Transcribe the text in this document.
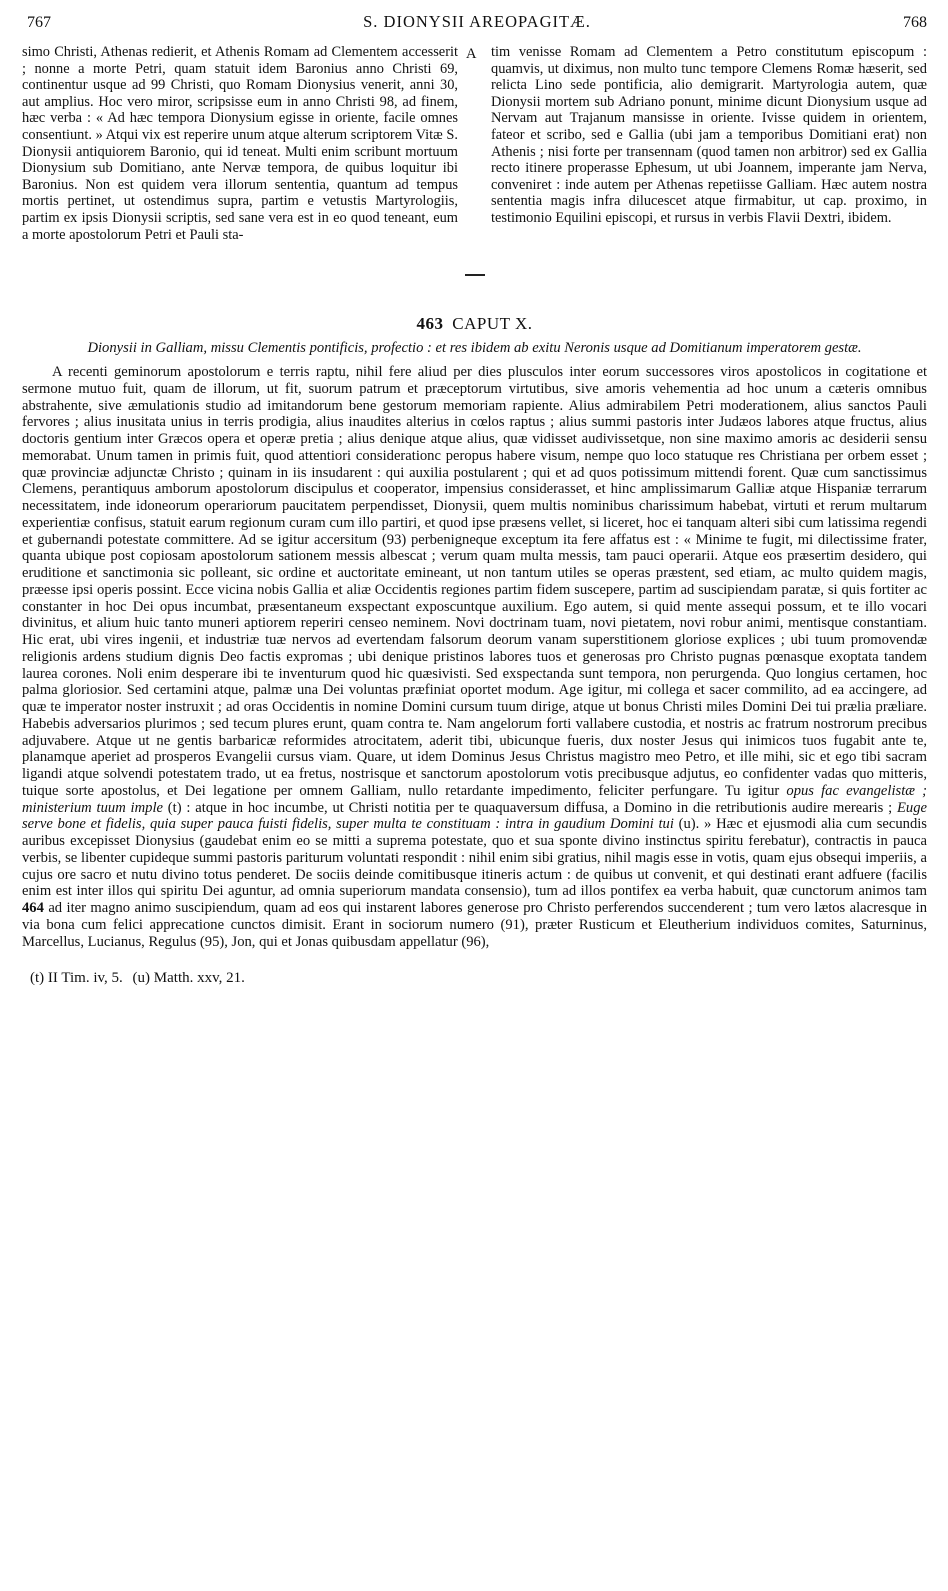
767	S. DIONYSII AREOPAGITÆ.	768
simo Christi, Athenas redierit, et Athenis Romam ad Clementem accesserit ; nonne a morte Petri, quam statuit idem Baronius anno Christi 69, continentur usque ad 99 Christi, quo Romam Dionysius venerit, anni 30, aut amplius. Hoc vero miror, scripsisse eum in anno Christi 98, ad finem, hæc verba : « Ad hæc tempora Dionysium egisse in oriente, facile omnes consentiunt. » Atqui vix est reperire unum atque alterum scriptorem Vitæ S. Dionysii antiquiorem Baronio, qui id teneat. Multi enim scribunt mortuum Dionysium sub Domitiano, ante Nervæ tempora, de quibus loquitur ibi Baronius. Non est quidem vera illorum sententia, quantum ad tempus mortis pertinet, ut ostendimus supra, partim e vetustis Martyrologiis, partim ex ipsis Dionysii scriptis, sed sane vera est in eo quod teneant, eum a morte apostolorum Petri et Pauli sta-
A tim venisse Romam ad Clementem a Petro constitutum episcopum : quamvis, ut diximus, non multo tunc tempore Clemens Romæ hæserit, sed relicta Lino sede pontificia, alio demigrarit. Martyrologia autem, quæ Dionysii mortem sub Adriano ponunt, minime dicunt Dionysium usque ad Nervam aut Trajanum mansisse in oriente. Ivisse quidem in orientem, fateor et scribo, sed e Gallia (ubi jam a temporibus Domitiani erat) non Athenis ; nisi forte per transennam (quod tamen non arbitror) sed ex Gallia recto itinere properasse Ephesum, ut ubi Joannem, imperante jam Nerva, conveniret : inde autem per Athenas repetiisse Galliam. Hæc autem nostra sententia magis infra dilucescet atque firmabitur, ut cap. proximo, in testimonio Equilini episcopi, et rursus in verbis Flavii Dextri, ibidem.
463 CAPUT X.
Dionysii in Galliam, missu Clementis pontificis, profectio : et res ibidem ab exitu Neronis usque ad Domitianum imperatorem gestæ.
A recenti geminorum apostolorum e terris raptu, nihil fere aliud per dies plusculos inter eorum successores viros apostolicos in cogitatione et sermone mutuo fuit, quam de illorum, ut fit, suorum patrum et præceptorum virtutibus, sive amoris vehementia ad hoc unum a cæteris omnibus abstrahente, sive æmulationis studio ad imitandorum bene gestorum memoriam rapiente. Alius admirabilem Petri moderationem, alius sanctos Pauli fervores ; alius inusitata unius in terris prodigia, alius inaudites alterius in cœlos raptus ; alius summi pastoris inter Judæos labores atque fructus, alius doctoris gentium inter Græcos opera et operæ pretia ; alius denique atque alius, quæ vidisset audivissetque, non sine maximo amoris ac desiderii sensu memorabat. Unum tamen in primis fuit, quod attentiori considerationc peropus habere visum, nempe quo loco statuque res Christiana per orbem esset ; quæ provinciæ adjunctæ Christo ; quinam in iis insudarent : qui auxilia postularent ; qui et ad quos potissimum mittendi forent. Quæ cum sanctissimus Clemens, perantiquus amborum apostolorum discipulus et cooperator, impensius considerasset, et hinc amplissimarum Galliæ atque Hispaniæ terrarum necessitatem, inde idoneorum operariorum paucitatem perpendisset, Dionysii, quem multis nominibus charissimum habebat, virtuti et rerum multarum experientiæ confisus, statuit earum regionum curam cum illo partiri, et quod ipse præsens vellet, si liceret, hoc ei tanquam alteri sibi cum latissima regendi et gubernandi potestate committere. Ad se igitur accersitum (93) perbenigneque exceptum ita fere affatus est : « Minime te fugit, mi dilectissime frater, quanta ubique post copiosam apostolorum sationem messis albescat ; verum quam multa messis, tam pauci operarii. Atque eos præsertim desidero, qui eruditione et sanctimonia sic polleant, sic ordine et auctoritate emineant, ut non tantum utiles se operas præstent, sed etiam, ac multo quidem magis, præesse ipsi operis possint. Ecce vicina nobis Gallia et aliæ Occidentis regiones partim fidem suscepere, partim ad suscipiendam paratæ, si quis fortiter ac constanter in hoc Dei opus incumbat, præsentaneum exspectant exposcuntque auxilium. Ego autem, si quid mente assequi possum, et te illo vocari divinitus, et alium huic tanto muneri aptiorem reperiri censeo neminem. Novi doctrinam tuam, novi pietatem, novi robur animi, mentisque constantiam. Hic erat, ubi vires ingenii, et industriæ tuæ nervos ad evertendam falsorum deorum vanam superstitionem gloriose explices ; ubi tuum promovendæ religionis ardens studium dignis Deo factis expromas ; ubi denique pristinos labores tuos et generosas pro Christo pugnas pœnasque exoptata tandem laurea corones. Noli enim desperare ibi te inventurum quod hic quæsivisti. Sed exspectanda sunt tempora, non perurgenda. Quo longius certamen, hoc palma gloriosior. Sed certamini atque, palmæ una Dei voluntas præfiniat oportet modum. Age igitur, mi collega et sacer commilito, ad ea accingere, ad quæ te imperator noster instruxit ; ad oras Occidentis in nomine Domini cursum tuum dirige, atque ut bonus Christi miles Domini Dei tui prælia præliare. Habebis adversarios plurimos ; sed tecum plures erunt, quam contra te. Nam angelorum forti vallabere custodia, et nostris ac fratrum nostrorum precibus adjuvabere. Atque ut ne gentis barbaricæ reformides atrocitatem, aderit tibi, ubicunque fueris, dux noster Jesus qui inimicos tuos fugabit ante te, planamque aperiet ad prosperos Evangelii cursus viam. Quare, ut idem Dominus Jesus Christus magistro meo Petro, et ille mihi, sic et ego tibi sacram ligandi atque solvendi potestatem trado, ut ea fretus, nostrisque et sanctorum apostolorum votis precibusque adjutus, eo confidenter vadas quo mitteris, tuique sorte apostolus, et Dei legatione per omnem Galliam, nullo retardante impedimento, feliciter perfungare. Tu igitur opus fac evangelistæ ; ministerium tuum imple (t) : atque in hoc incumbe, ut Christi notitia per te quaquaversum diffusa, a Domino in die retributionis audire merearis ; Euge serve bone et fidelis, quia super pauca fuisti fidelis, super multa te constituam : intra in gaudium Domini tui (u). » Hæc et ejusmodi alia cum secundis auribus excepisset Dionysius (gaudebat enim eo se mitti a suprema potestate, quo et sua sponte divino instinctus spiritu ferebatur), contractis in pauca verbis, se libenter cupideque summi pastoris pariturum voluntati respondit : nihil enim sibi gratius, nihil magis esse in votis, quam ejus obsequi imperiis, a cujus ore sacro et nutu divino totus penderet. De sociis deinde comitibusque itineris actum : de quibus ut convenit, et qui destinati erant adfuere (facilis enim est inter illos qui spiritu Dei aguntur, ad omnia superiorum mandata consensio), tum ad illos pontifex ea verba habuit, quæ cunctorum animos tam 464 ad iter magno animo suscipiendum, quam ad eos qui instarent labores generose pro Christo perferendos succenderent ; tum vero lætos alacresque in via bona cum felici apprecatione cunctos dimisit. Erant in sociorum numero (91), præter Rusticum et Eleutherium individuos comites, Saturninus, Marcellus, Lucianus, Regulus (95), Jon, qui et Jonas quibusdam appellatur (96),
(t) II Tim. iv, 5. (u) Matth. xxv, 21.
